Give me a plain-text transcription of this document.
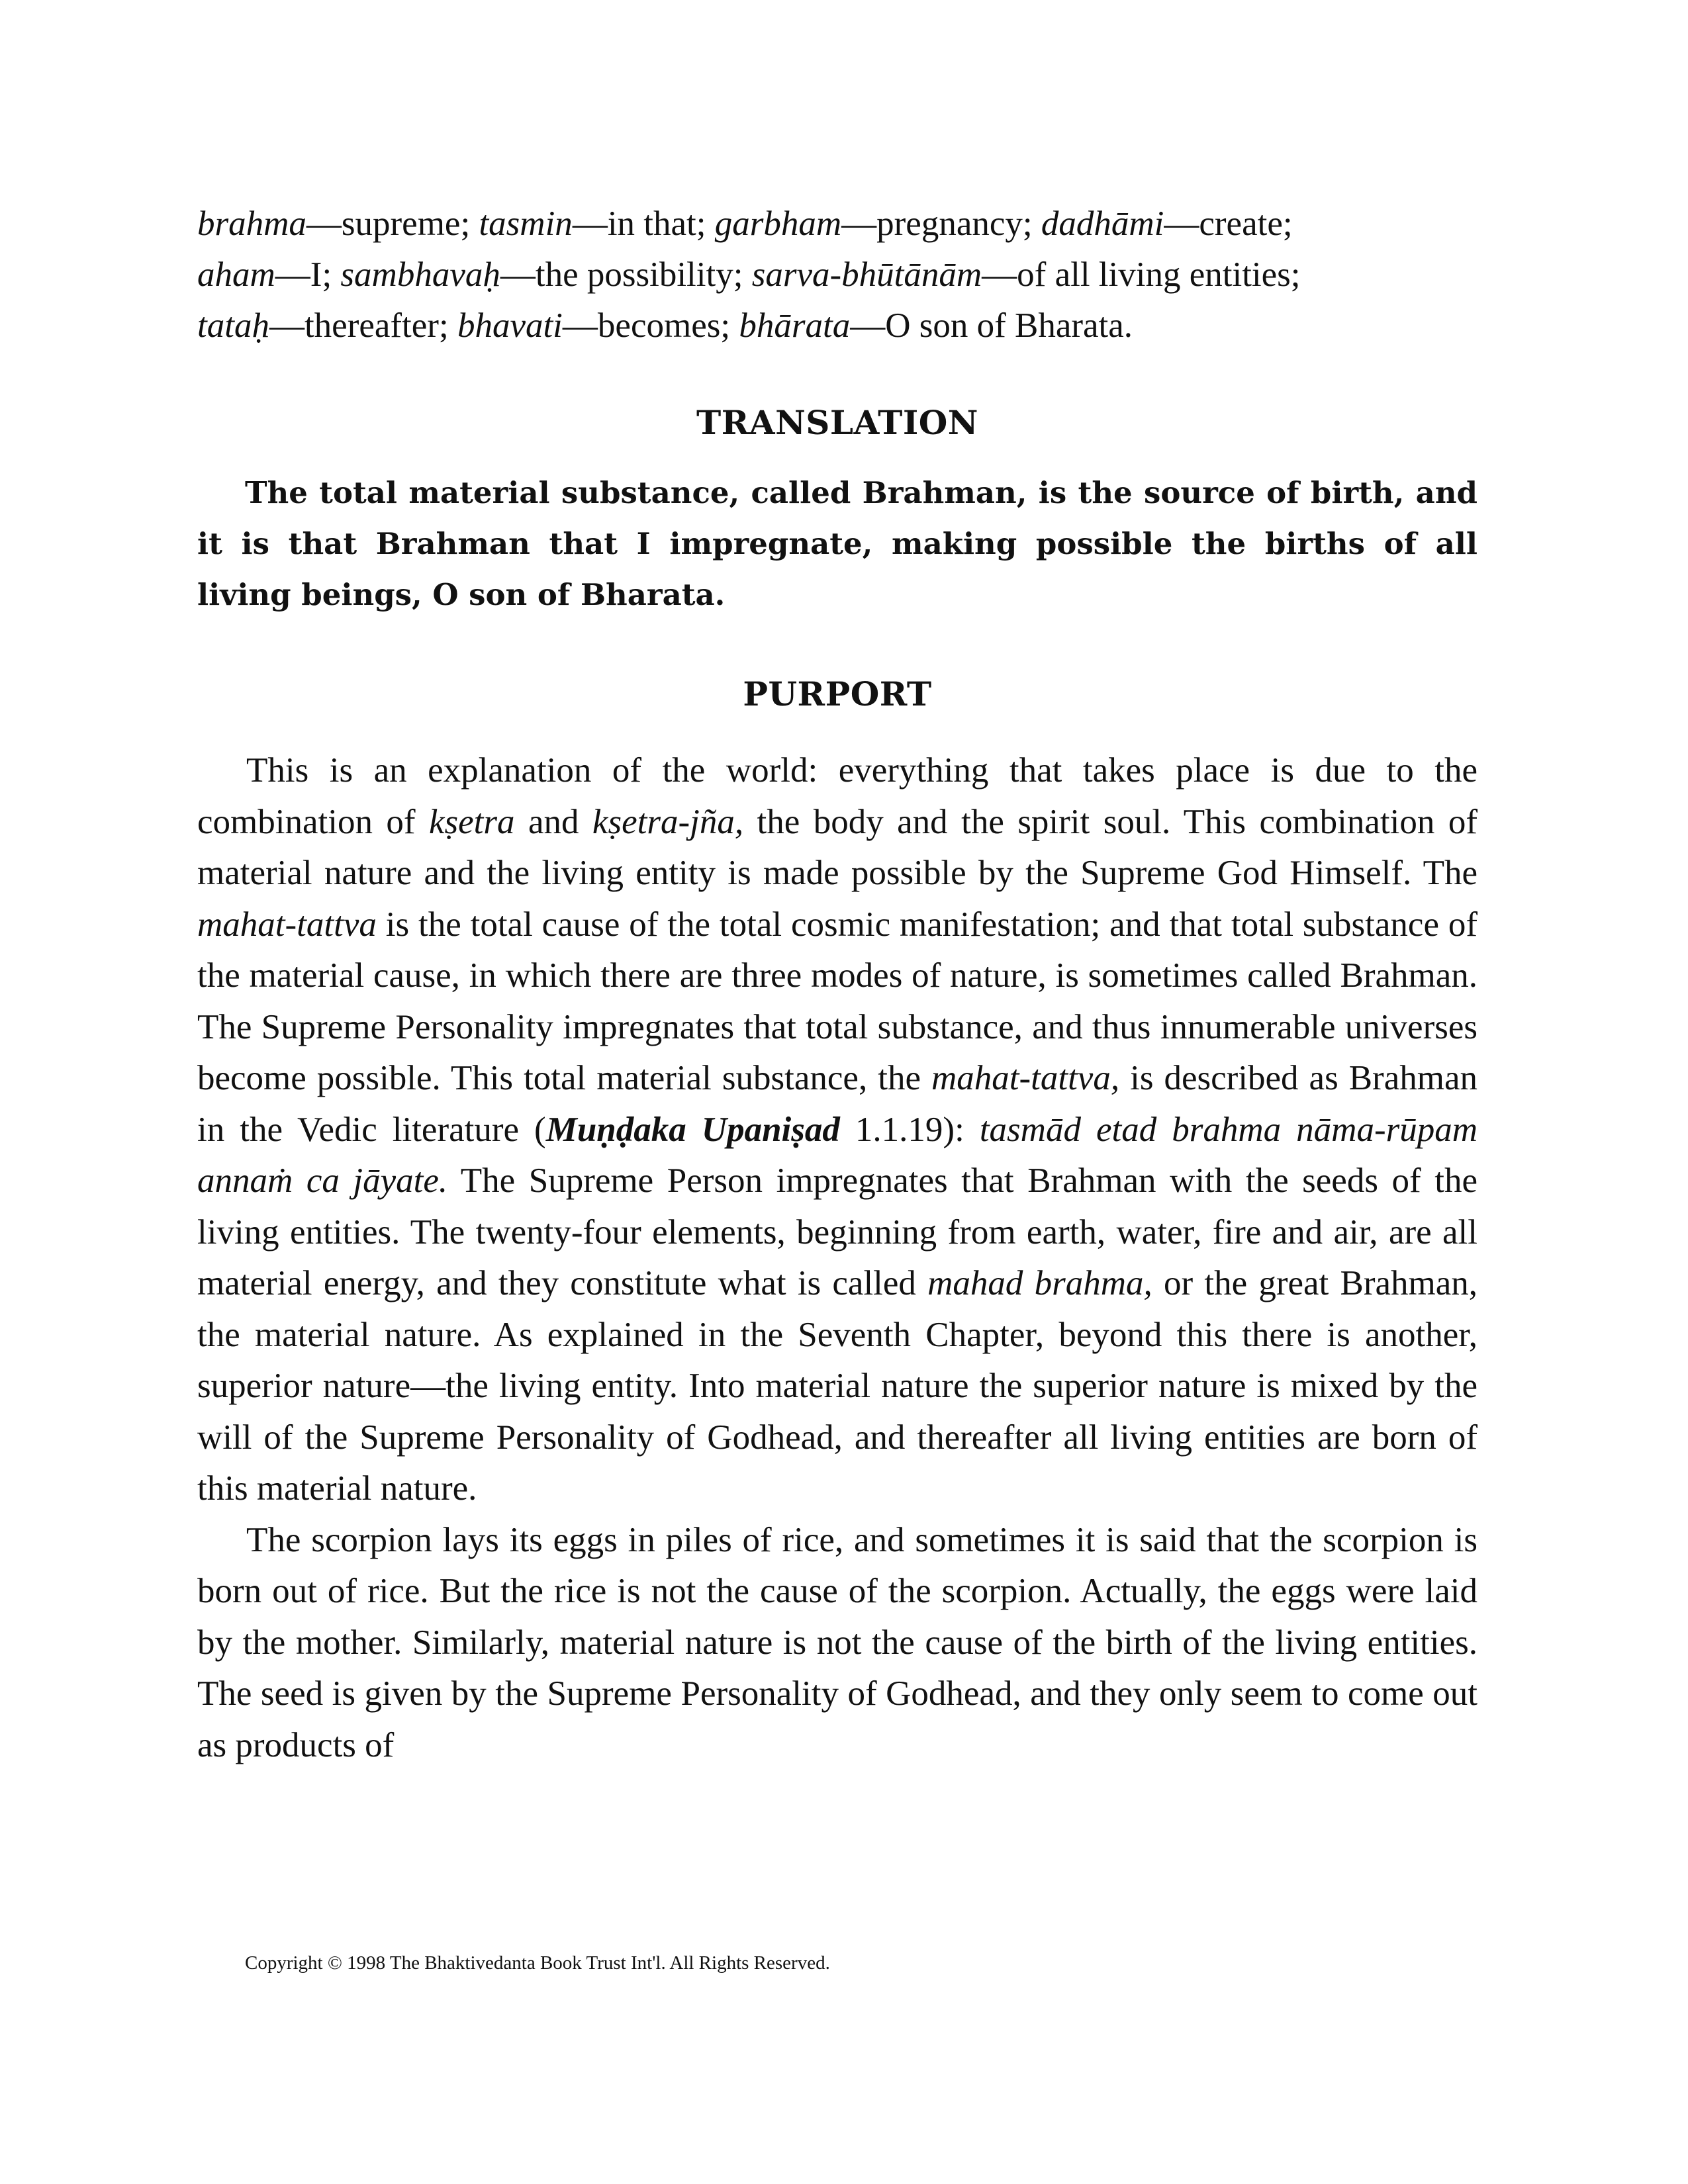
brahma—supreme; tasmin—in that; garbham—pregnancy; dadhāmi—create;
aham—I; sambhavaḥ—the possibility; sarva-bhūtānām—of all living entities;
tataḥ—thereafter; bhavati—becomes; bhārata—O son of Bharata.

TRANSLATION

The total material substance, called Brahman, is the source of birth, and it is that Brahman that I impregnate, making possible the births of all living beings, O son of Bharata.

PURPORT

This is an explanation of the world: everything that takes place is due to the combination of kṣetra and kṣetra-jña, the body and the spirit soul. This combination of material nature and the living entity is made possible by the Supreme God Himself. The mahat-tattva is the total cause of the total cosmic manifestation; and that total substance of the material cause, in which there are three modes of nature, is sometimes called Brahman. The Supreme Personality impregnates that total substance, and thus innumerable universes become possible. This total material substance, the mahat-tattva, is described as Brahman in the Vedic literature (Muṇḍaka Upaniṣad 1.1.19): tasmād etad brahma nāma-rūpam annaṁ ca jāyate. The Supreme Person impregnates that Brahman with the seeds of the living entities. The twenty-four elements, beginning from earth, water, fire and air, are all material energy, and they constitute what is called mahad brahma, or the great Brahman, the material nature. As explained in the Seventh Chapter, beyond this there is another, superior nature—the living entity. Into material nature the superior nature is mixed by the will of the Supreme Personality of Godhead, and thereafter all living entities are born of this material nature.

The scorpion lays its eggs in piles of rice, and sometimes it is said that the scorpion is born out of rice. But the rice is not the cause of the scorpion. Actually, the eggs were laid by the mother. Similarly, material nature is not the cause of the birth of the living entities. The seed is given by the Supreme Personality of Godhead, and they only seem to come out as products of

Copyright © 1998 The Bhaktivedanta Book Trust Int'l. All Rights Reserved.
